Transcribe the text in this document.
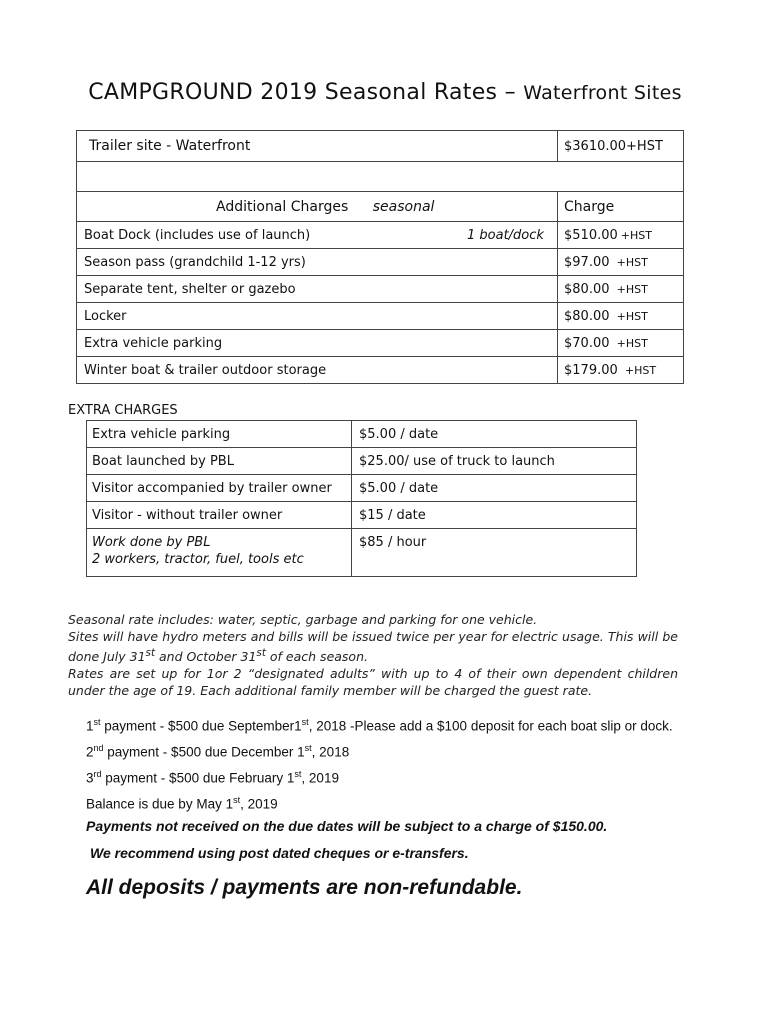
CAMPGROUND 2019 Seasonal Rates – Waterfront Sites
Trailer site - Waterfront	$3610.00+HST

Additional Charges seasonal	Charge
Boat Dock (includes use of launch) 1 boat/dock	$510.00 +HST
Season pass (grandchild 1-12 yrs)	$97.00 +HST
Separate tent, shelter or gazebo	$80.00 +HST
Locker	$80.00 +HST
Extra vehicle parking	$70.00 +HST
Winter boat & trailer outdoor storage	$179.00 +HST
EXTRA CHARGES
Extra vehicle parking	$5.00 / date
Boat launched by PBL	$25.00/ use of truck to launch
Visitor accompanied by trailer owner	$5.00 / date
Visitor - without trailer owner	$15 / date

Work done by PBL
2 workers, tractor, fuel, tools etc	$85 / hour

Seasonal rate includes: water, septic, garbage and parking for one vehicle.

Sites will have hydro meters and bills will be issued twice per year for electric usage. This will be done July 31st and October 31st of each season.

Rates are set up for 1or 2 “designated adults” with up to 4 of their own dependent children under the age of 19. Each additional family member will be charged the guest rate.

1st payment - $500 due September1st, 2018 -Please add a $100 deposit for each boat slip or dock.
2nd payment - $500 due December 1st, 2018
3rd payment - $500 due February 1st, 2019
Balance is due by May 1st, 2019
Payments not received on the due dates will be subject to a charge of $150.00.
We recommend using post dated cheques or e-transfers.
All deposits / payments are non-refundable.
